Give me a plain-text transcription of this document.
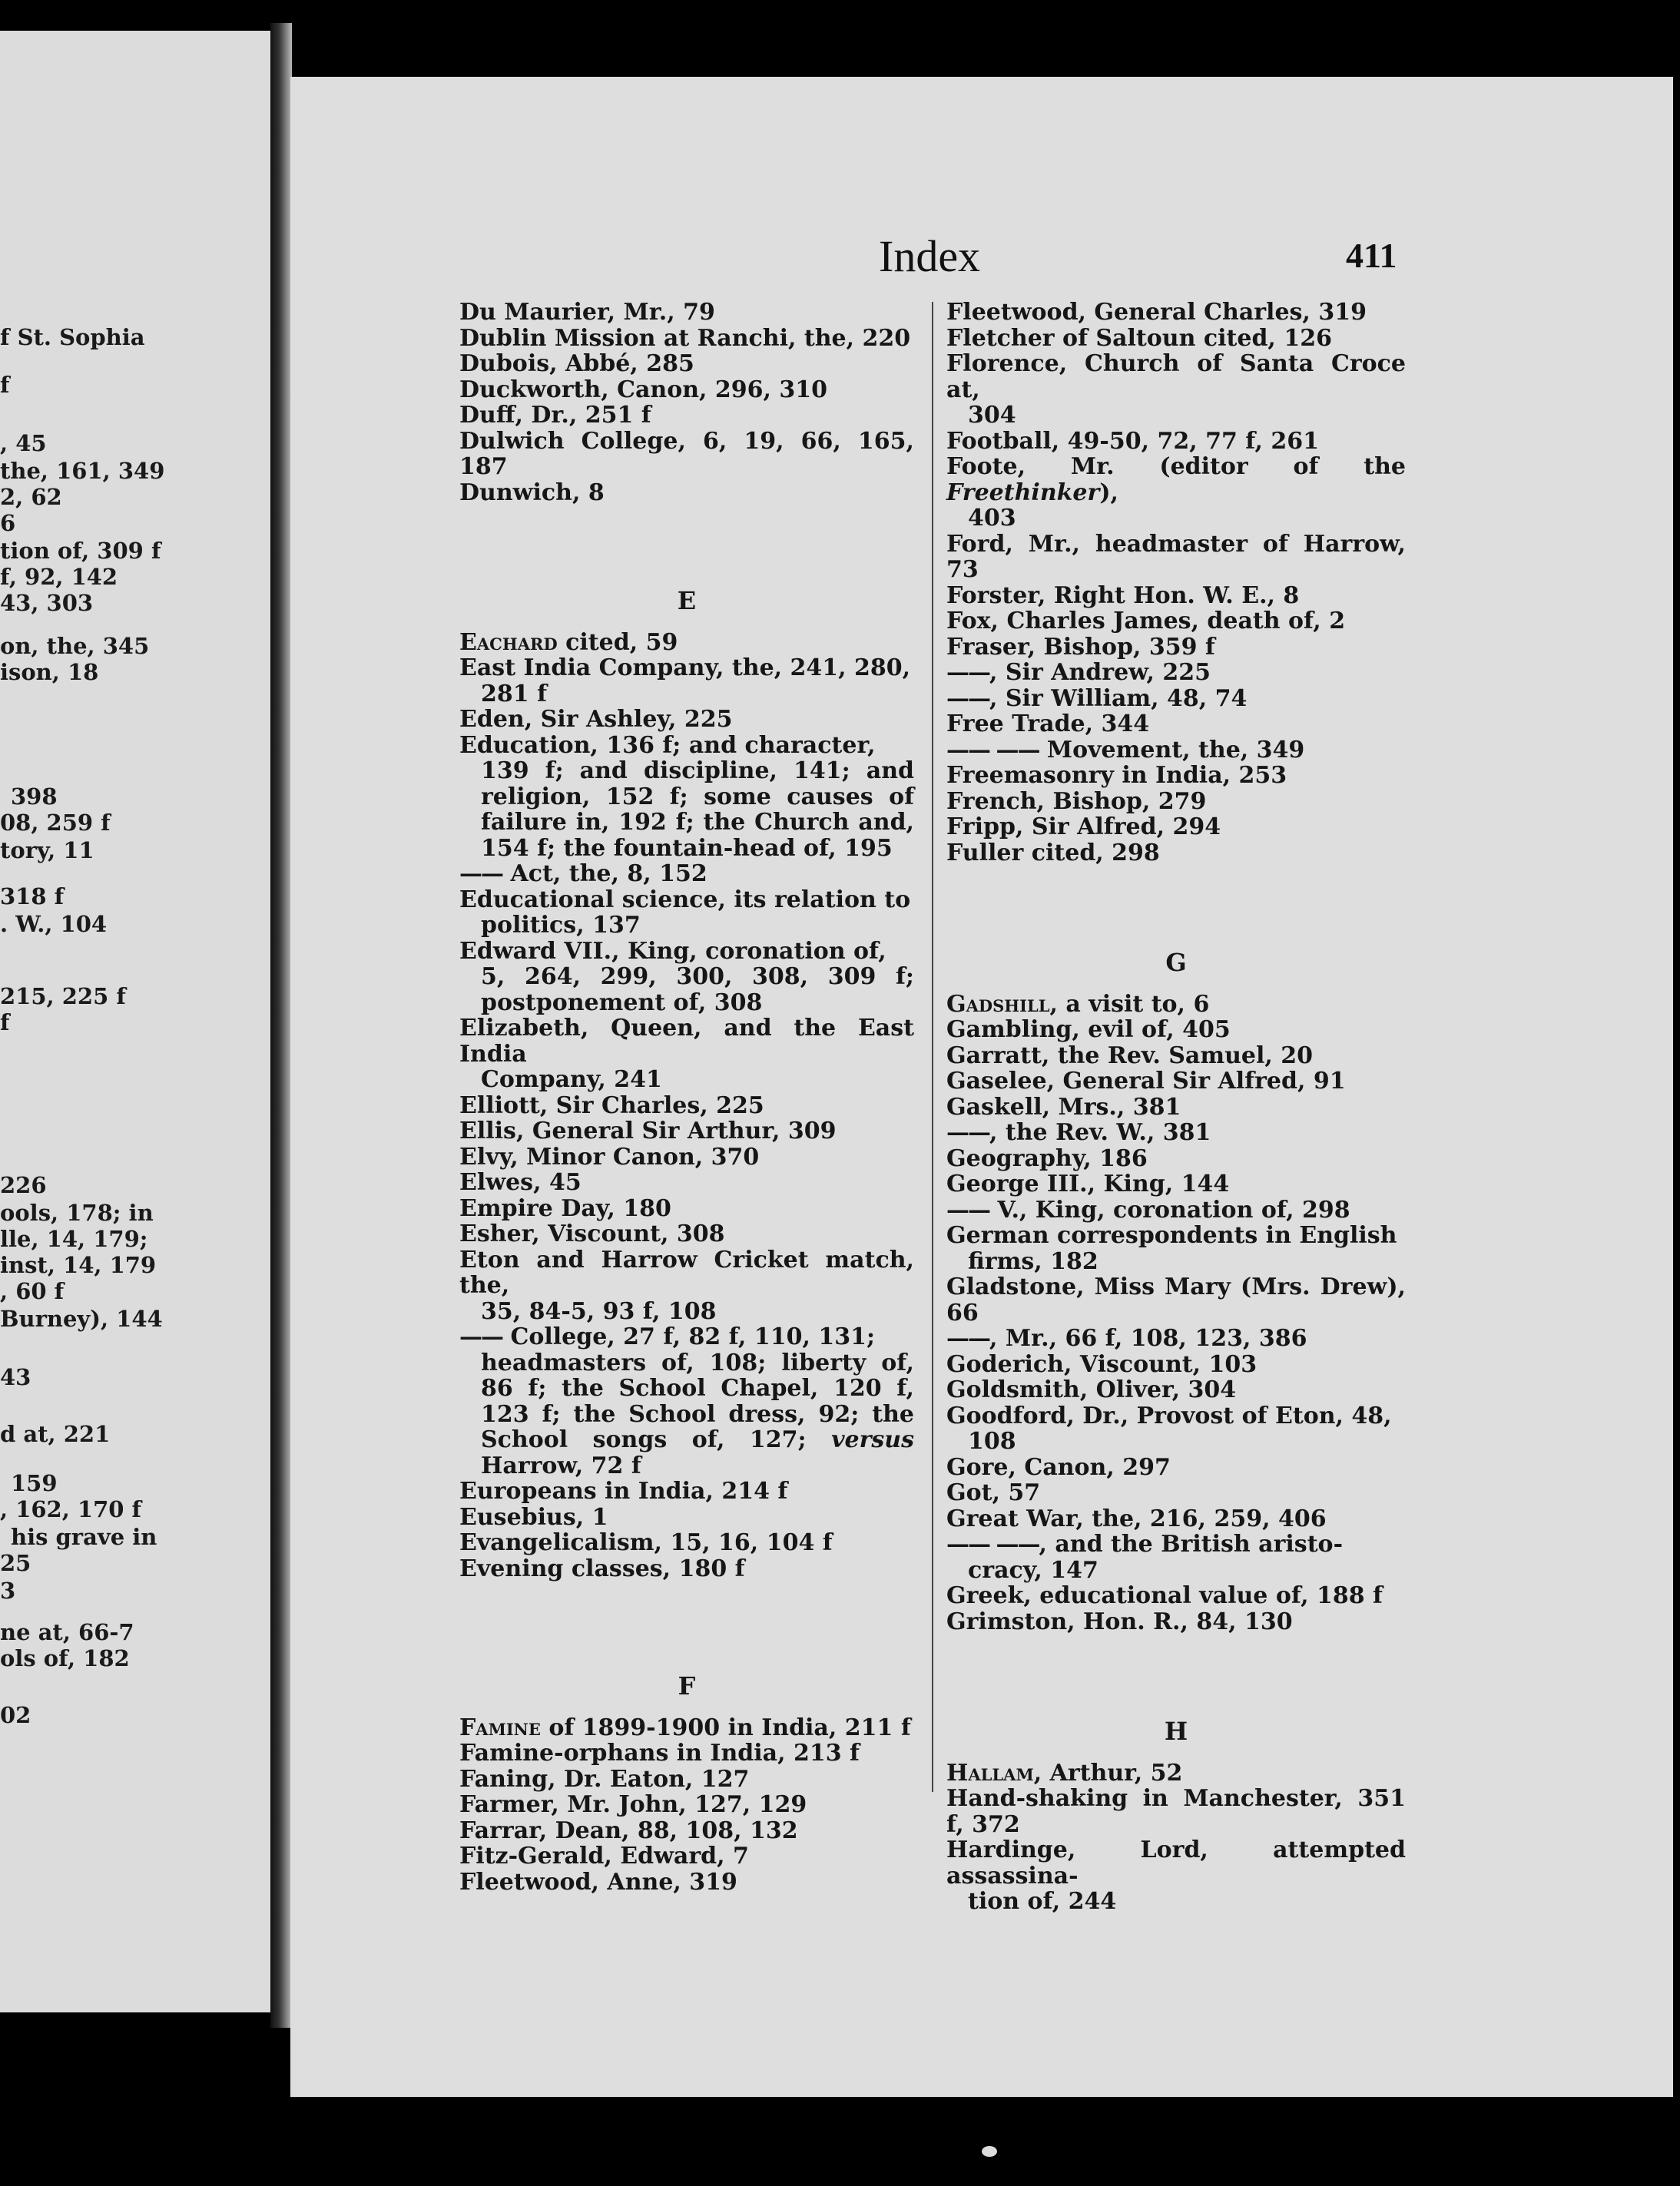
f St. Sophia
f
, 45
the, 161, 349
2, 62
6
tion of, 309 f
f, 92, 142
43, 303
on, the, 345
ison, 18
398
08, 259 f
tory, 11
318 f
. W., 104
215, 225 f
f
226
ools, 178; in
lle, 14, 179;
inst, 14, 179
, 60 f
Burney), 144
43
d at, 221
159
, 162, 170 f
his grave in
25
3
ne at, 66-7
ols of, 182
02
Index	411
Du Maurier, Mr., 79
Dublin Mission at Ranchi, the, 220
Dubois, Abbé, 285
Duckworth, Canon, 296, 310
Duff, Dr., 251 f
Dulwich College, 6, 19, 66, 165, 187
Dunwich, 8
E
Eachard cited, 59
East India Company, the, 241, 280,
281 f
Eden, Sir Ashley, 225
Education, 136 f; and character,
139 f; and discipline, 141; and religion, 152 f; some causes of failure in, 192 f; the Church and, 154 f; the fountain-head of, 195
—— Act, the, 8, 152
Educational science, its relation to
politics, 137
Edward VII., King, coronation of,
5, 264, 299, 300, 308, 309 f; postponement of, 308
Elizabeth, Queen, and the East India
Company, 241
Elliott, Sir Charles, 225
Ellis, General Sir Arthur, 309
Elvy, Minor Canon, 370
Elwes, 45
Empire Day, 180
Esher, Viscount, 308
Eton and Harrow Cricket match, the,
35, 84-5, 93 f, 108
—— College, 27 f, 82 f, 110, 131;
headmasters of, 108; liberty of, 86 f; the School Chapel, 120 f, 123 f; the School dress, 92; the School songs of, 127; versus Harrow, 72 f
Europeans in India, 214 f
Eusebius, 1
Evangelicalism, 15, 16, 104 f
Evening classes, 180 f
F
Famine of 1899-1900 in India, 211 f
Famine-orphans in India, 213 f
Faning, Dr. Eaton, 127
Farmer, Mr. John, 127, 129
Farrar, Dean, 88, 108, 132
Fitz-Gerald, Edward, 7
Fleetwood, Anne, 319
Fleetwood, General Charles, 319
Fletcher of Saltoun cited, 126
Florence, Church of Santa Croce at,
304
Football, 49-50, 72, 77 f, 261
Foote, Mr. (editor of the Freethinker),
403
Ford, Mr., headmaster of Harrow, 73
Forster, Right Hon. W. E., 8
Fox, Charles James, death of, 2
Fraser, Bishop, 359 f
——, Sir Andrew, 225
——, Sir William, 48, 74
Free Trade, 344
—— —— Movement, the, 349
Freemasonry in India, 253
French, Bishop, 279
Fripp, Sir Alfred, 294
Fuller cited, 298
G
Gadshill, a visit to, 6
Gambling, evil of, 405
Garratt, the Rev. Samuel, 20
Gaselee, General Sir Alfred, 91
Gaskell, Mrs., 381
——, the Rev. W., 381
Geography, 186
George III., King, 144
—— V., King, coronation of, 298
German correspondents in English
firms, 182
Gladstone, Miss Mary (Mrs. Drew), 66
——, Mr., 66 f, 108, 123, 386
Goderich, Viscount, 103
Goldsmith, Oliver, 304
Goodford, Dr., Provost of Eton, 48,
108
Gore, Canon, 297
Got, 57
Great War, the, 216, 259, 406
—— ——, and the British aristo-
cracy, 147
Greek, educational value of, 188 f
Grimston, Hon. R., 84, 130
H
Hallam, Arthur, 52
Hand-shaking in Manchester, 351 f, 372
Hardinge, Lord, attempted assassina-
tion of, 244
